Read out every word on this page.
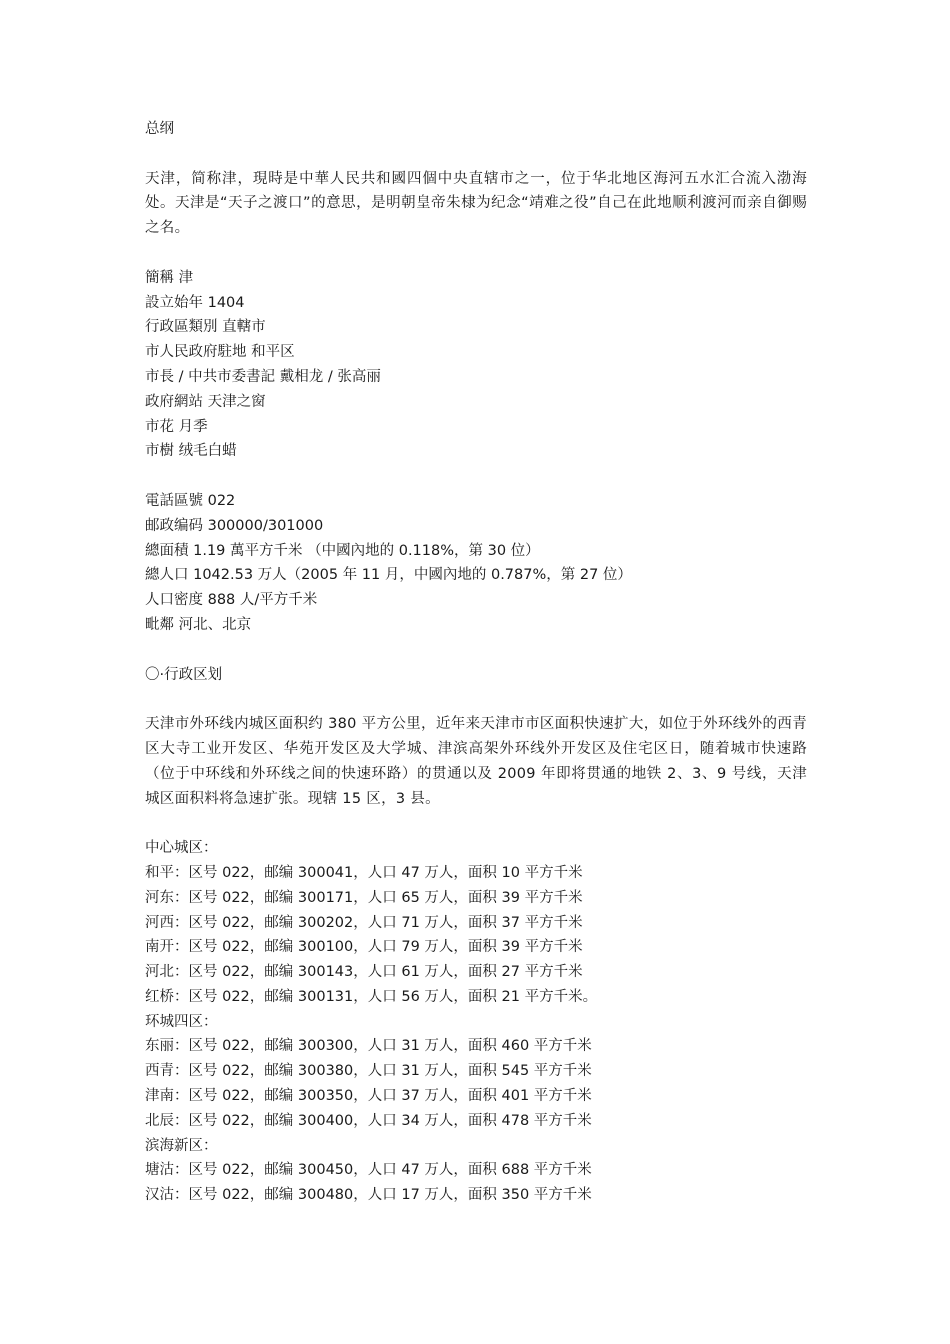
总纲
天津，简称津，現時是中華人民共和國四個中央直辖市之一，位于华北地区海河五水汇合流入渤海处。天津是“天子之渡口”的意思，是明朝皇帝朱棣为纪念“靖难之役”自己在此地顺利渡河而亲自御赐之名。
簡稱 津
設立始年 1404
行政區類別 直轄市
市人民政府駐地 和平区
市長 / 中共市委書記 戴相龙 / 张高丽
政府網站 天津之窗
市花 月季
市樹 绒毛白蜡
電話區號 022
邮政编码 300000/301000
總面積 1.19 萬平方千米 （中國內地的 0.118%，第 30 位）
總人口 1042.53 万人（2005 年 11 月，中國內地的 0.787%，第 27 位）
人口密度 888 人/平方千米
毗鄰 河北、北京
〇·行政区划
天津市外环线内城区面积约 380 平方公里，近年来天津市市区面积快速扩大，如位于外环线外的西青区大寺工业开发区、华苑开发区及大学城、津滨高架外环线外开发区及住宅区日，随着城市快速路（位于中环线和外环线之间的快速环路）的贯通以及 2009 年即将贯通的地铁 2、3、9 号线，天津城区面积料将急速扩张。现辖 15 区，3 县。
中心城区：
和平：区号 022，邮编 300041，人口 47 万人，面积 10 平方千米
河东：区号 022，邮编 300171，人口 65 万人，面积 39 平方千米
河西：区号 022，邮编 300202，人口 71 万人，面积 37 平方千米
南开：区号 022，邮编 300100，人口 79 万人，面积 39 平方千米
河北：区号 022，邮编 300143，人口 61 万人，面积 27 平方千米
红桥：区号 022，邮编 300131，人口 56 万人，面积 21 平方千米。
环城四区：
东丽：区号 022，邮编 300300，人口 31 万人，面积 460 平方千米
西青：区号 022，邮编 300380，人口 31 万人，面积 545 平方千米
津南：区号 022，邮编 300350，人口 37 万人，面积 401 平方千米
北辰：区号 022，邮编 300400，人口 34 万人，面积 478 平方千米
滨海新区：
塘沽：区号 022，邮编 300450，人口 47 万人，面积 688 平方千米
汉沽：区号 022，邮编 300480，人口 17 万人，面积 350 平方千米
